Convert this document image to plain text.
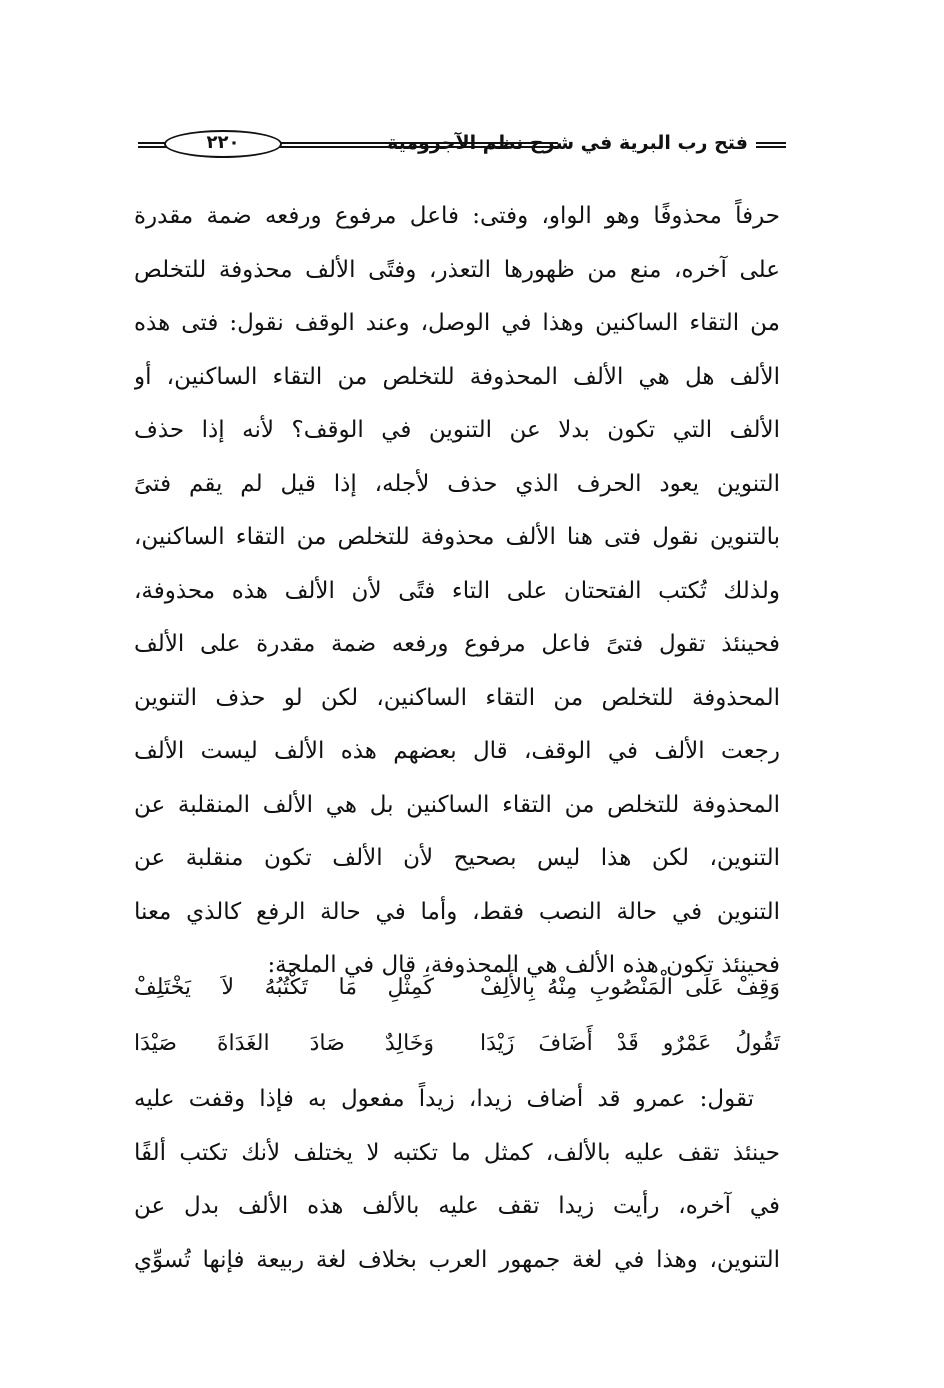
فتح رب البرية في شرح نظم الآجرومية
٢٢٠
حرفاً محذوفًا وهو الواو، وفتى: فاعل مرفوع ورفعه ضمة مقدرة
على آخره، منع من ظهورها التعذر، وفتًى الألف محذوفة للتخلص
من التقاء الساكنين وهذا في الوصل، وعند الوقف نقول: فتى هذه
الألف هل هي الألف المحذوفة للتخلص من التقاء الساكنين، أو
الألف التي تكون بدلا عن التنوين في الوقف؟ لأنه إذا حذف
التنوين يعود الحرف الذي حذف لأجله، إذا قيل لم يقم فتىً
بالتنوين نقول فتى هنا الألف محذوفة للتخلص من التقاء الساكنين،
ولذلك تُكتب الفتحتان على التاء فتًى لأن الألف هذه محذوفة،
فحينئذ تقول فتىً فاعل مرفوع ورفعه ضمة مقدرة على الألف
المحذوفة للتخلص من التقاء الساكنين، لكن لو حذف التنوين
رجعت الألف في الوقف، قال بعضهم هذه الألف ليست الألف
المحذوفة للتخلص من التقاء الساكنين بل هي الألف المنقلبة عن
التنوين، لكن هذا ليس بصحيح لأن الألف تكون منقلبة عن
التنوين في حالة النصب فقط، وأما في حالة الرفع كالذي معنا
فحينئذ تكون هذه الألف هي المحذوفة، قال في الملحة:
وَقِفْ عَلَى الْمَنْصُوبِ مِنْهُ بِالأَلِفْ
كَمِثْلِ مَا تَكْتُبُهُ لاَ يَخْتَلِفْ
تَقُولُ عَمْرٌو قَدْ أَضَافَ زَيْدَا
وَخَالِدٌ صَادَ الغَدَاةَ صَيْدَا
تقول: عمرو قد أضاف زيدا، زيداً مفعول به فإذا وقفت عليه
حينئذ تقف عليه بالألف، كمثل ما تكتبه لا يختلف لأنك تكتب ألفًا
في آخره، رأيت زيدا تقف عليه بالألف هذه الألف بدل عن
التنوين، وهذا في لغة جمهور العرب بخلاف لغة ربيعة فإنها تُسوِّي
